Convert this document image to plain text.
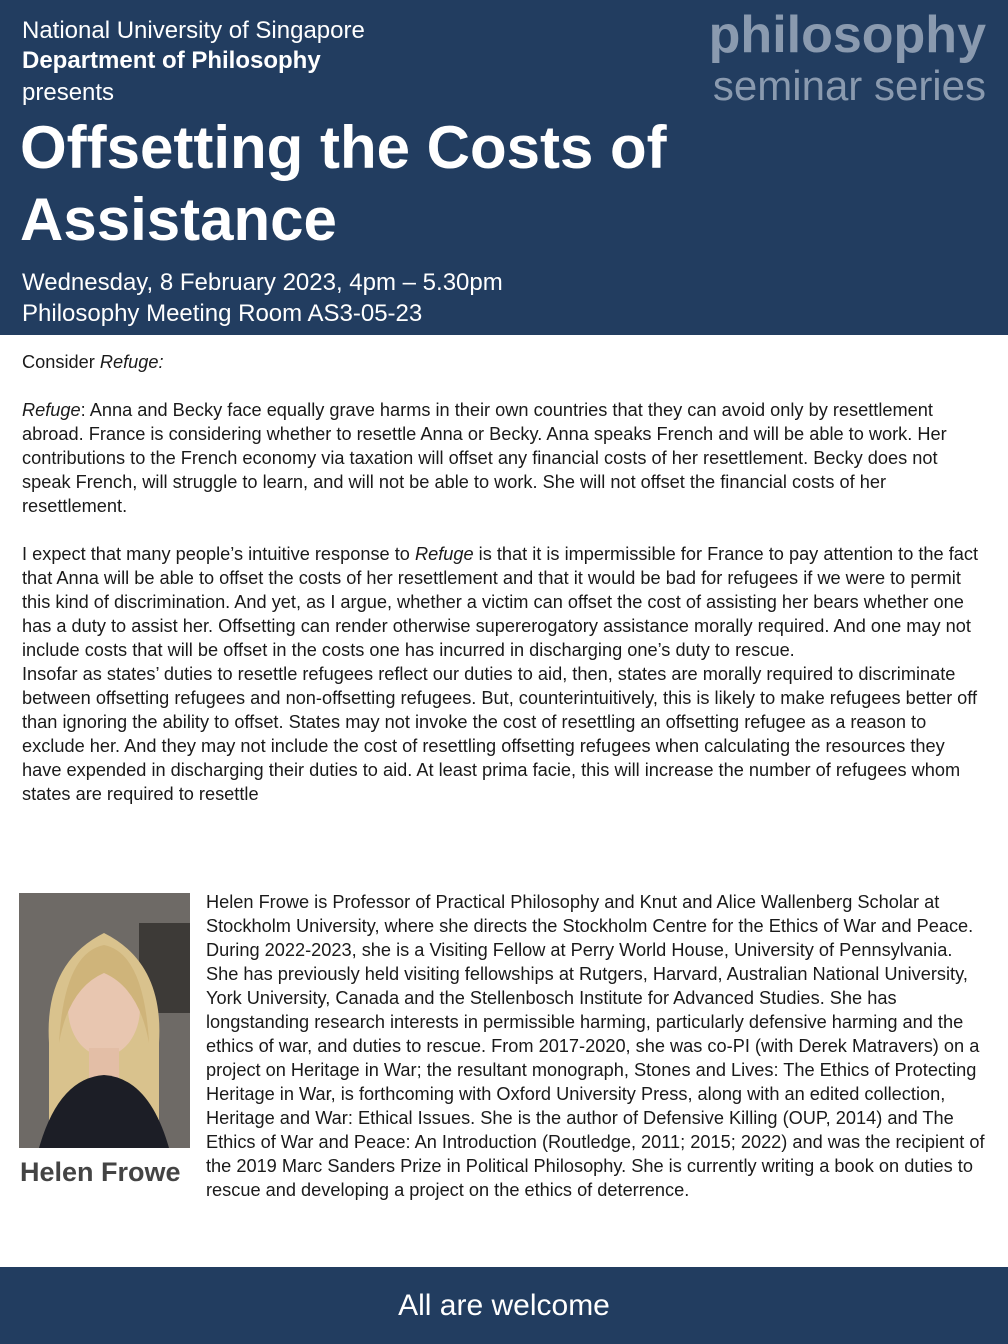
National University of Singapore
Department of Philosophy
presents
philosophy
seminar series
Offsetting the Costs of Assistance
Wednesday, 8 February 2023, 4pm – 5.30pm
Philosophy Meeting Room AS3-05-23

Consider Refuge:

Refuge: Anna and Becky face equally grave harms in their own countries that they can avoid only by resettlement abroad. France is considering whether to resettle Anna or Becky. Anna speaks French and will be able to work. Her contributions to the French economy via taxation will offset any financial costs of her resettlement. Becky does not speak French, will struggle to learn, and will not be able to work. She will not offset the financial costs of her resettlement.

I expect that many people’s intuitive response to Refuge is that it is impermissible for France to pay attention to the fact that Anna will be able to offset the costs of her resettlement and that it would be bad for refugees if we were to permit this kind of discrimination. And yet, as I argue, whether a victim can offset the cost of assisting her bears whether one has a duty to assist her. Offsetting can render otherwise supererogatory assistance morally required. And one may not include costs that will be offset in the costs one has incurred in discharging one’s duty to rescue.

Insofar as states’ duties to resettle refugees reflect our duties to aid, then, states are morally required to discriminate between offsetting refugees and non-offsetting refugees. But, counterintuitively, this is likely to make refugees better off than ignoring the ability to offset. States may not invoke the cost of resettling an offsetting refugee as a reason to exclude her. And they may not include the cost of resettling offsetting refugees when calculating the resources they have expended in discharging their duties to aid. At least prima facie, this will increase the number of refugees whom states are required to resettle

Helen Frowe
Helen Frowe is Professor of Practical Philosophy and Knut and Alice Wallenberg Scholar at Stockholm University, where she directs the Stockholm Centre for the Ethics of War and Peace. During 2022-2023, she is a Visiting Fellow at Perry World House, University of Pennsylvania. She has previously held visiting fellowships at Rutgers, Harvard, Australian National University, York University, Canada and the Stellenbosch Institute for Advanced Studies. She has longstanding research interests in permissible harming, particularly defensive harming and the ethics of war, and duties to rescue. From 2017-2020, she was co-PI (with Derek Matravers) on a project on Heritage in War; the resultant monograph, Stones and Lives: The Ethics of Protecting Heritage in War, is forthcoming with Oxford University Press, along with an edited collection, Heritage and War: Ethical Issues. She is the author of Defensive Killing (OUP, 2014) and The Ethics of War and Peace: An Introduction (Routledge, 2011; 2015; 2022) and was the recipient of the 2019 Marc Sanders Prize in Political Philosophy. She is currently writing a book on duties to rescue and developing a project on the ethics of deterrence.
All are welcome
